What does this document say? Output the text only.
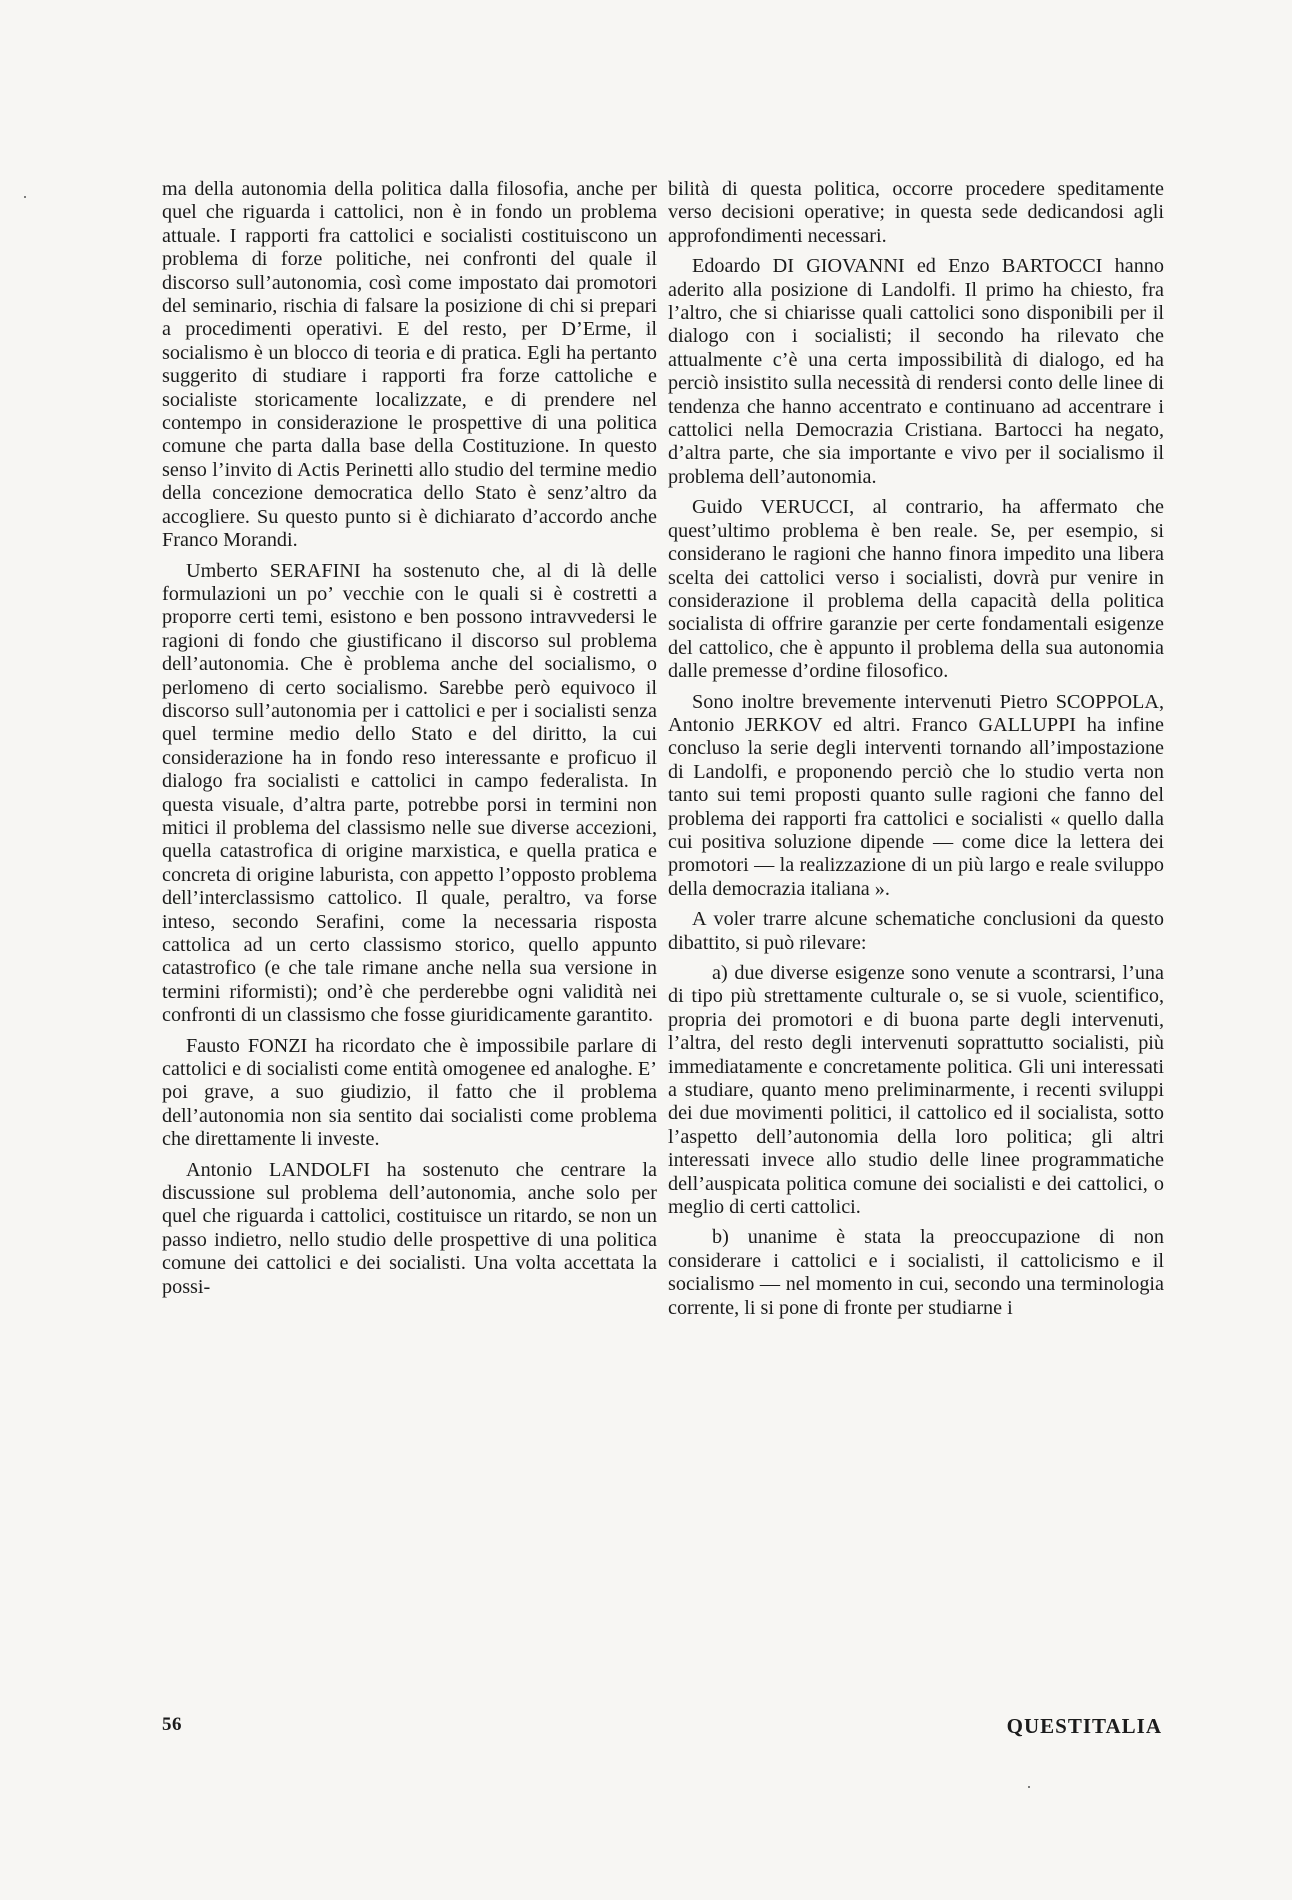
ma della autonomia della politica dalla filosofia, anche per quel che riguarda i cattolici, non è in fondo un problema attuale. I rapporti fra cattolici e socialisti costituiscono un problema di forze politiche, nei confronti del quale il discorso sull’autonomia, così come impostato dai promotori del seminario, rischia di falsare la posizione di chi si prepari a procedimenti operativi. E del resto, per D’Erme, il socialismo è un blocco di teoria e di pratica. Egli ha pertanto suggerito di studiare i rapporti fra forze cattoliche e socialiste storicamente localizzate, e di prendere nel contempo in considerazione le prospettive di una politica comune che parta dalla base della Costituzione. In questo senso l’invito di Actis Perinetti allo studio del termine medio della concezione democratica dello Stato è senz’altro da accogliere. Su questo punto si è dichiarato d’accordo anche Franco Morandi.

Umberto SERAFINI ha sostenuto che, al di là delle formulazioni un po’ vecchie con le quali si è costretti a proporre certi temi, esistono e ben possono intravvedersi le ragioni di fondo che giustificano il discorso sul problema dell’autonomia. Che è problema anche del socialismo, o perlomeno di certo socialismo. Sarebbe però equivoco il discorso sull’autonomia per i cattolici e per i socialisti senza quel termine medio dello Stato e del diritto, la cui considerazione ha in fondo reso interessante e proficuo il dialogo fra socialisti e cattolici in campo federalista. In questa visuale, d’altra parte, potrebbe porsi in termini non mitici il problema del classismo nelle sue diverse accezioni, quella catastrofica di origine marxistica, e quella pratica e concreta di origine laburista, con appetto l’opposto problema dell’interclassismo cattolico. Il quale, peraltro, va forse inteso, secondo Serafini, come la necessaria risposta cattolica ad un certo classismo storico, quello appunto catastrofico (e che tale rimane anche nella sua versione in termini riformisti); ond’è che perderebbe ogni validità nei confronti di un classismo che fosse giuridicamente garantito.

Fausto FONZI ha ricordato che è impossibile parlare di cattolici e di socialisti come entità omogenee ed analoghe. E’ poi grave, a suo giudizio, il fatto che il problema dell’autonomia non sia sentito dai socialisti come problema che direttamente li investe.

Antonio LANDOLFI ha sostenuto che centrare la discussione sul problema dell’autonomia, anche solo per quel che riguarda i cattolici, costituisce un ritardo, se non un passo indietro, nello studio delle prospettive di una politica comune dei cattolici e dei socialisti. Una volta accettata la possi-

bilità di questa politica, occorre procedere speditamente verso decisioni operative; in questa sede dedicandosi agli approfondimenti necessari.

Edoardo DI GIOVANNI ed Enzo BARTOCCI hanno aderito alla posizione di Landolfi. Il primo ha chiesto, fra l’altro, che si chiarisse quali cattolici sono disponibili per il dialogo con i socialisti; il secondo ha rilevato che attualmente c’è una certa impossibilità di dialogo, ed ha perciò insistito sulla necessità di rendersi conto delle linee di tendenza che hanno accentrato e continuano ad accentrare i cattolici nella Democrazia Cristiana. Bartocci ha negato, d’altra parte, che sia importante e vivo per il socialismo il problema dell’autonomia.

Guido VERUCCI, al contrario, ha affermato che quest’ultimo problema è ben reale. Se, per esempio, si considerano le ragioni che hanno finora impedito una libera scelta dei cattolici verso i socialisti, dovrà pur venire in considerazione il problema della capacità della politica socialista di offrire garanzie per certe fondamentali esigenze del cattolico, che è appunto il problema della sua autonomia dalle premesse d’ordine filosofico.

Sono inoltre brevemente intervenuti Pietro SCOPPOLA, Antonio JERKOV ed altri. Franco GALLUPPI ha infine concluso la serie degli interventi tornando all’impostazione di Landolfi, e proponendo perciò che lo studio verta non tanto sui temi proposti quanto sulle ragioni che fanno del problema dei rapporti fra cattolici e socialisti « quello dalla cui positiva soluzione dipende — come dice la lettera dei promotori — la realizzazione di un più largo e reale sviluppo della democrazia italiana ».

A voler trarre alcune schematiche conclusioni da questo dibattito, si può rilevare:

a) due diverse esigenze sono venute a scontrarsi, l’una di tipo più strettamente culturale o, se si vuole, scientifico, propria dei promotori e di buona parte degli intervenuti, l’altra, del resto degli intervenuti soprattutto socialisti, più immediatamente e concretamente politica. Gli uni interessati a studiare, quanto meno preliminarmente, i recenti sviluppi dei due movimenti politici, il cattolico ed il socialista, sotto l’aspetto dell’autonomia della loro politica; gli altri interessati invece allo studio delle linee programmatiche dell’auspicata politica comune dei socialisti e dei cattolici, o meglio di certi cattolici.

b) unanime è stata la preoccupazione di non considerare i cattolici e i socialisti, il cattolicismo e il socialismo — nel momento in cui, secondo una terminologia corrente, li si pone di fronte per studiarne i

56	QUESTITALIA
